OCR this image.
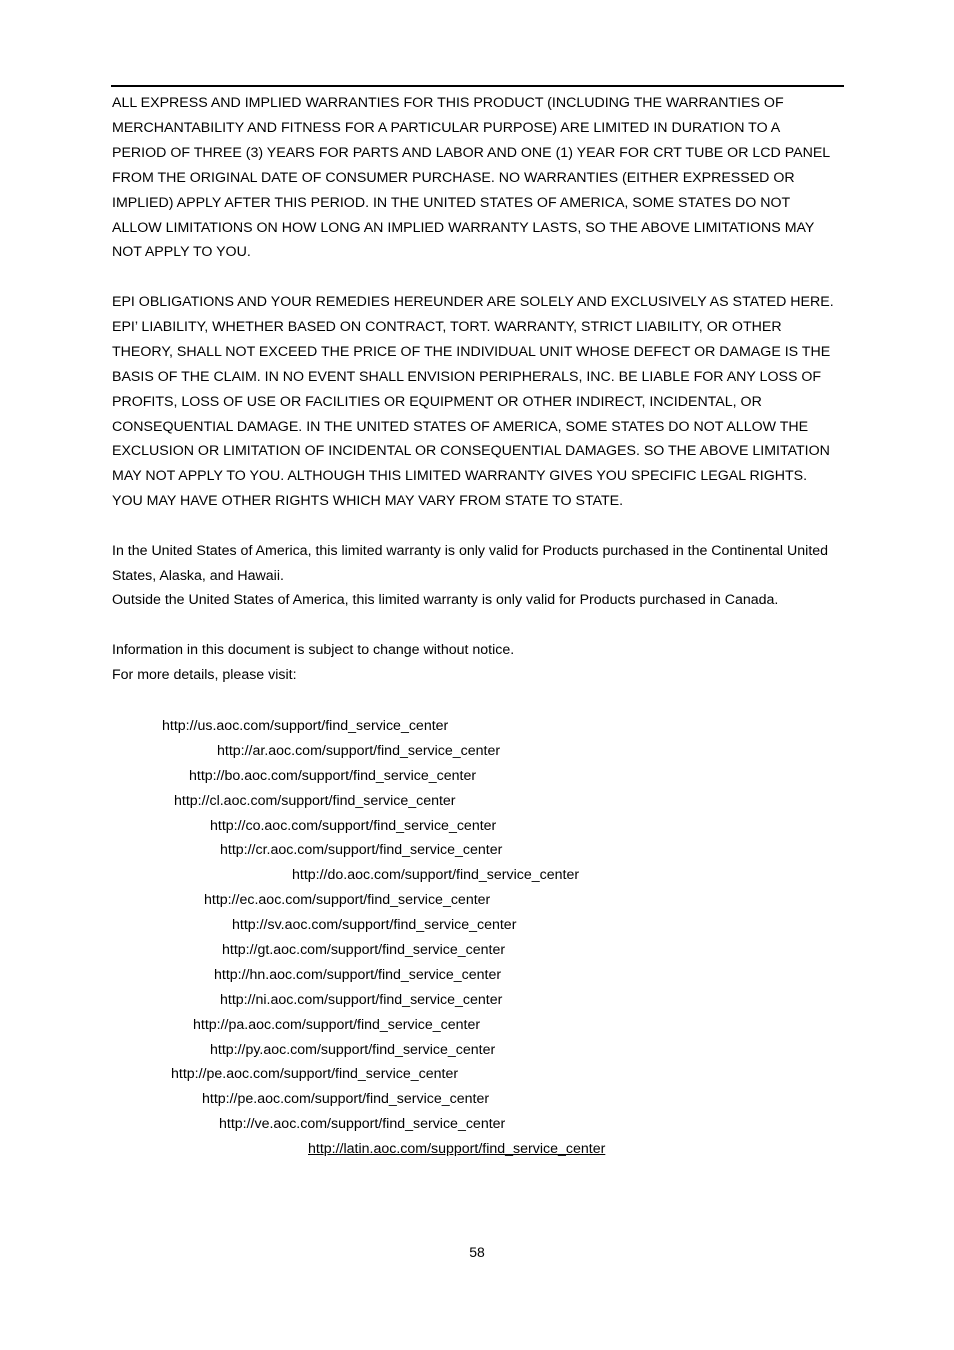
ALL EXPRESS AND IMPLIED WARRANTIES FOR THIS PRODUCT (INCLUDING THE WARRANTIES OF
MERCHANTABILITY AND FITNESS FOR A PARTICULAR PURPOSE) ARE LIMITED IN DURATION TO A
PERIOD OF THREE (3) YEARS FOR PARTS AND LABOR AND ONE (1) YEAR FOR CRT TUBE OR LCD PANEL
FROM THE ORIGINAL DATE OF CONSUMER PURCHASE. NO WARRANTIES (EITHER EXPRESSED OR
IMPLIED) APPLY AFTER THIS PERIOD. IN THE UNITED STATES OF AMERICA, SOME STATES DO NOT
ALLOW LIMITATIONS ON HOW LONG AN IMPLIED WARRANTY LASTS, SO THE ABOVE LIMITATIONS MAY
NOT APPLY TO YOU.

EPI OBLIGATIONS AND YOUR REMEDIES HEREUNDER ARE SOLELY AND EXCLUSIVELY AS STATED HERE.
EPI’ LIABILITY, WHETHER BASED ON CONTRACT, TORT. WARRANTY, STRICT LIABILITY, OR OTHER
THEORY, SHALL NOT EXCEED THE PRICE OF THE INDIVIDUAL UNIT WHOSE DEFECT OR DAMAGE IS THE
BASIS OF THE CLAIM. IN NO EVENT SHALL ENVISION PERIPHERALS, INC. BE LIABLE FOR ANY LOSS OF
PROFITS, LOSS OF USE OR FACILITIES OR EQUIPMENT OR OTHER INDIRECT, INCIDENTAL, OR
CONSEQUENTIAL DAMAGE. IN THE UNITED STATES OF AMERICA, SOME STATES DO NOT ALLOW THE
EXCLUSION OR LIMITATION OF INCIDENTAL OR CONSEQUENTIAL DAMAGES. SO THE ABOVE LIMITATION
MAY NOT APPLY TO YOU. ALTHOUGH THIS LIMITED WARRANTY GIVES YOU SPECIFIC LEGAL RIGHTS.
YOU MAY HAVE OTHER RIGHTS WHICH MAY VARY FROM STATE TO STATE.

In the United States of America, this limited warranty is only valid for Products purchased in the Continental United
States, Alaska, and Hawaii.

Outside the United States of America, this limited warranty is only valid for Products purchased in Canada.

Information in this document is subject to change without notice.

For more details, please visit:

http://us.aoc.com/support/find_service_center
http://ar.aoc.com/support/find_service_center
http://bo.aoc.com/support/find_service_center
http://cl.aoc.com/support/find_service_center
http://co.aoc.com/support/find_service_center
http://cr.aoc.com/support/find_service_center
http://do.aoc.com/support/find_service_center
http://ec.aoc.com/support/find_service_center
http://sv.aoc.com/support/find_service_center
http://gt.aoc.com/support/find_service_center
http://hn.aoc.com/support/find_service_center
http://ni.aoc.com/support/find_service_center
http://pa.aoc.com/support/find_service_center
http://py.aoc.com/support/find_service_center
http://pe.aoc.com/support/find_service_center
http://pe.aoc.com/support/find_service_center
http://ve.aoc.com/support/find_service_center
http://latin.aoc.com/support/find_service_center
58
